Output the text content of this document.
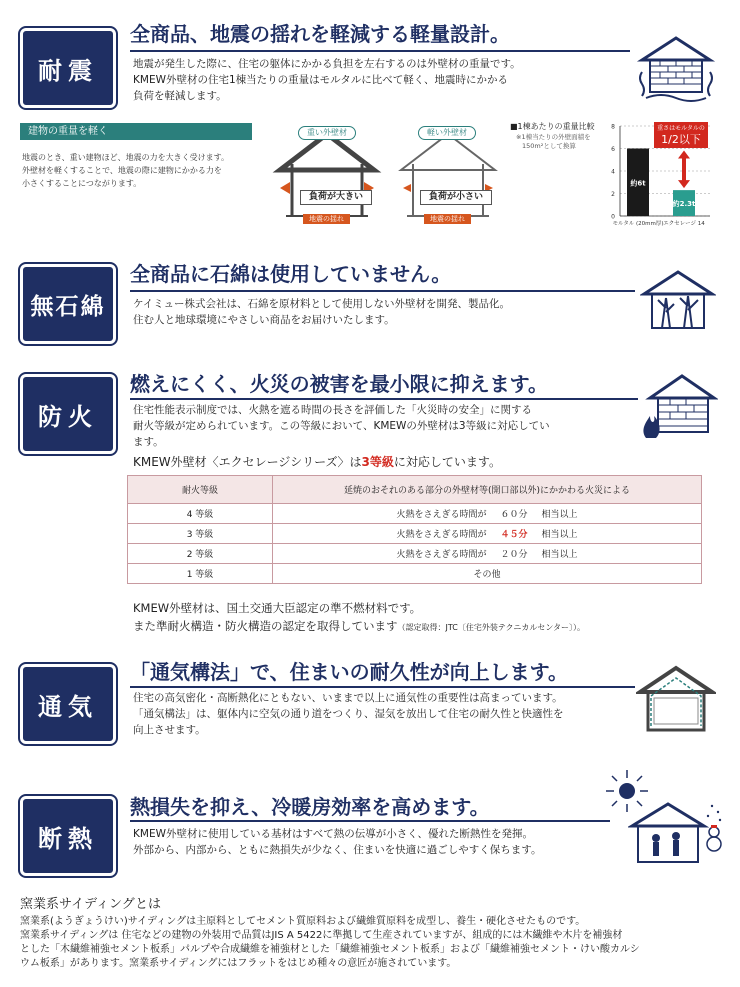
耐震
全商品、地震の揺れを軽減する軽量設計。
地震が発生した際に、住宅の躯体にかかる負担を左右するのは外壁材の重量です。
KMEW外壁材の住宅1棟当たりの重量はモルタルに比べて軽く、地震時にかかる
負荷を軽減します。
建物の重量を軽く
地震のとき、重い建物ほど、地震の力を大きく受けます。
外壁材を軽くすることで、地震の際に建物にかかる力を
小さくすることにつながります。
重い外壁材
負荷が大きい
地震の揺れ
軽い外壁材
負荷が小さい
地震の揺れ
■1棟あたりの重量比較
※1棟当たりの外壁面積を
150m²として換算
0
2
4
6
8
約6t
モルタル (20mm厚)
約2.3t
エクセレージ 14
重さはモルタルの
1/2以下
無石綿
全商品に石綿は使用していません。
ケイミュー株式会社は、石綿を原材料として使用しない外壁材を開発、製品化。
住む人と地球環境にやさしい商品をお届けいたします。
防火
燃えにくく、火災の被害を最小限に抑えます。
住宅性能表示制度では、火熱を遮る時間の長さを評価した「火災時の安全」に関する
耐火等級が定められています。この等級において、KMEWの外壁材は3等級に対応してい
ます。
KMEW外壁材〈エクセレージシリーズ〉は3等級に対応しています。
耐火等級	延焼のおそれのある部分の外壁材等(開口部以外)にかかわる火災による
4 等級	火熱をさえぎる時間が ６０分 相当以上
3 等級	火熱をさえぎる時間が ４５分 相当以上
2 等級	火熱をさえぎる時間が ２０分 相当以上
1 等級	その他
KMEW外壁材は、国土交通大臣認定の準不燃材料です。
また準耐火構造・防火構造の認定を取得しています（認定取得：JTC〔住宅外装テクニカルセンター〕）。
通気
「通気構法」で、住まいの耐久性が向上します。
住宅の高気密化・高断熱化にともない、いままで以上に通気性の重要性は高まっています。
「通気構法」は、躯体内に空気の通り道をつくり、湿気を放出して住宅の耐久性と快適性を
向上させます。
断熱
熱損失を抑え、冷暖房効率を高めます。
KMEW外壁材に使用している基材はすべて熱の伝導が小さく、優れた断熱性を発揮。
外部から、内部から、ともに熱損失が少なく、住まいを快適に過ごしやすく保ちます。
窯業系サイディングとは
窯業系(ようぎょうけい)サイディングは主原料としてセメント質原料および繊維質原料を成型し、養生・硬化させたものです。
窯業系サイディングは 住宅などの建物の外装用で品質はJIS A 5422に準拠して生産されていますが、組成的には木繊維や木片を補強材
とした「木繊維補強セメント板系」パルプや合成繊維を補強材とした「繊維補強セメント板系」および「繊維補強セメント・けい酸カルシ
ウム板系」があります。窯業系サイディングにはフラットをはじめ種々の意匠が施されています。
